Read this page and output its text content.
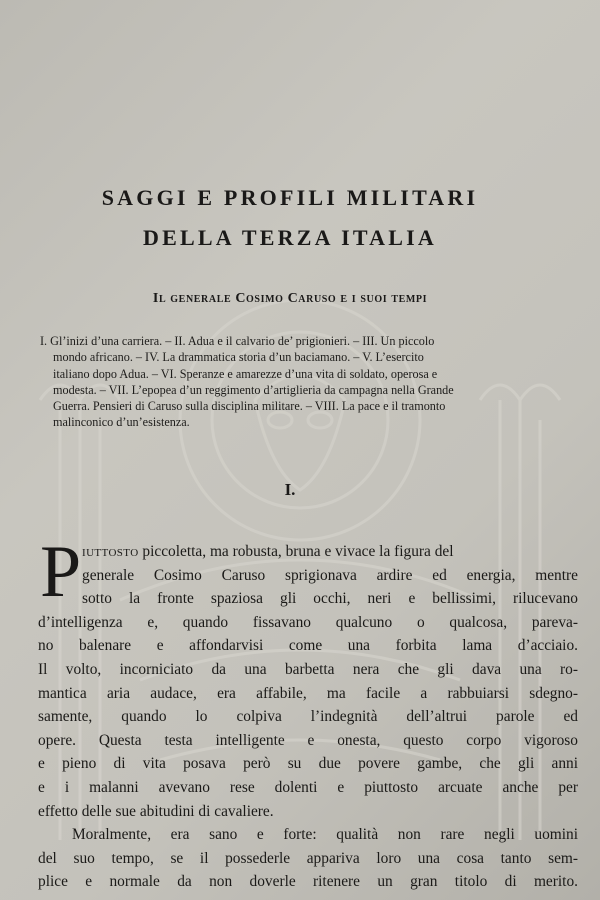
SAGGI E PROFILI MILITARI
DELLA TERZA ITALIA
Il generale Cosimo Caruso e i suoi tempi
I. Gl’inizi d’una carriera. – II. Adua e il calvario de’ prigionieri. – III. Un piccolo
mondo africano. – IV. La drammatica storia d’un baciamano. – V. L’esercito
italiano dopo Adua. – VI. Speranze e amarezze d’una vita di soldato, operosa e
modesta. – VII. L’epopea d’un reggimento d’artiglieria da campagna nella Grande
Guerra. Pensieri di Caruso sulla disciplina militare. – VIII. La pace e il tramonto
malinconico d’un’esistenza.
I.
P iuttosto piccoletta, ma robusta, bruna e vivace la figura del
generale Cosimo Caruso sprigionava ardire ed energia, mentre
sotto la fronte spaziosa gli occhi, neri e bellissimi, rilucevano
d’intelligenza e, quando fissavano qualcuno o qualcosa, pareva-
no balenare e affondarvisi come una forbita lama d’acciaio.
Il volto, incorniciato da una barbetta nera che gli dava una ro-
mantica aria audace, era affabile, ma facile a rabbuiarsi sdegno-
samente, quando lo colpiva l’indegnità dell’altrui parole ed
opere. Questa testa intelligente e onesta, questo corpo vigoroso
e pieno di vita posava però su due povere gambe, che gli anni
e i malanni avevano rese dolenti e piuttosto arcuate anche per
effetto delle sue abitudini di cavaliere.
Moralmente, era sano e forte: qualità non rare negli uomini
del suo tempo, se il possederle appariva loro una cosa tanto sem-
plice e normale da non doverle ritenere un gran titolo di merito.
